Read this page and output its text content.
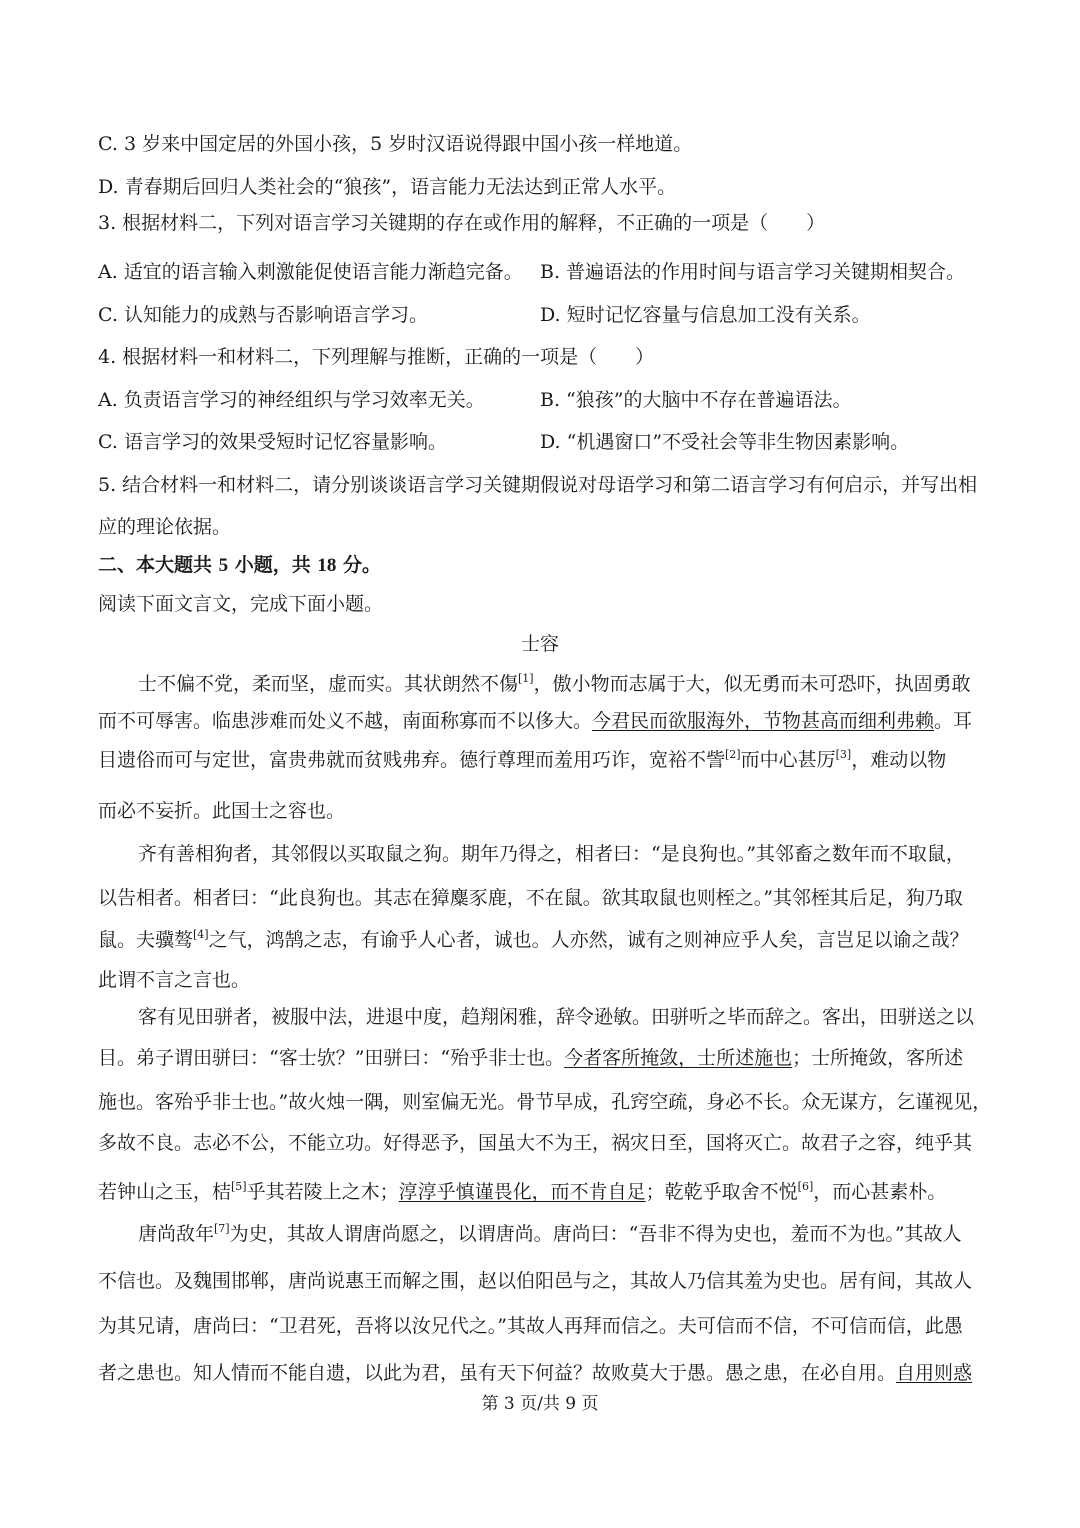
C. 3 岁来中国定居的外国小孩，5 岁时汉语说得跟中国小孩一样地道。
D. 青春期后回归人类社会的“狼孩”，语言能力无法达到正常人水平。
3. 根据材料二，下列对语言学习关键期的存在或作用的解释，不正确的一项是（　　）
A. 适宜的语言输入刺激能促使语言能力渐趋完备。 B. 普遍语法的作用时间与语言学习关键期相契合。
C. 认知能力的成熟与否影响语言学习。	D. 短时记忆容量与信息加工没有关系。
4. 根据材料一和材料二，下列理解与推断，正确的一项是（　　）
A. 负责语言学习的神经组织与学习效率无关。	B. “狼孩”的大脑中不存在普遍语法。
C. 语言学习的效果受短时记忆容量影响。	D. “机遇窗口”不受社会等非生物因素影响。
5. 结合材料一和材料二，请分别谈谈语言学习关键期假说对母语学习和第二语言学习有何启示，并写出相
应的理论依据。
二、本大题共 5 小题，共 18 分。
阅读下面文言文，完成下面小题。
士容
士不偏不党，柔而坚，虚而实。其状朗然不傷[1]，傲小物而志属于大，似无勇而未可恐吓，执固勇敢
而不可辱害。临患涉难而处义不越，南面称寡而不以侈大。今君民而欲服海外，节物甚高而细利弗赖。耳
目遗俗而可与定世，富贵弗就而贫贱弗弃。德行尊理而羞用巧诈，宽裕不訾[2]而中心甚厉[3]，难动以物
而必不妄折。此国士之容也。
齐有善相狗者，其邻假以买取鼠之狗。期年乃得之，相者曰：“是良狗也。”其邻畜之数年而不取鼠，
以告相者。相者曰：“此良狗也。其志在獐麋豕鹿，不在鼠。欲其取鼠也则桎之。”其邻桎其后足，狗乃取
鼠。夫骥骜[4]之气，鸿鹄之志，有谕乎人心者，诚也。人亦然，诚有之则神应乎人矣，言岂足以谕之哉？
此谓不言之言也。
客有见田骈者，被服中法，进退中度，趋翔闲雅，辞令逊敏。田骈听之毕而辞之。客出，田骈送之以
目。弟子谓田骈曰：“客士欤？”田骈曰：“殆乎非士也。今者客所掩敛，士所述施也；士所掩敛，客所述
施也。客殆乎非士也。”故火烛一隅，则室偏无光。骨节早成，孔窍空疏，身必不长。众无谋方，乞谨视见，
多故不良。志必不公，不能立功。好得恶予，国虽大不为王，祸灾日至，国将灭亡。故君子之容，纯乎其
若钟山之玉，桔[5]乎其若陵上之木；淳淳乎慎谨畏化，而不肯自足；乾乾乎取舍不悦[6]，而心甚素朴。
唐尚敌年[7]为史，其故人谓唐尚愿之，以谓唐尚。唐尚曰：“吾非不得为史也，羞而不为也。”其故人
不信也。及魏围邯郸，唐尚说惠王而解之围，赵以伯阳邑与之，其故人乃信其羞为史也。居有间，其故人
为其兄请，唐尚曰：“卫君死，吾将以汝兄代之。”其故人再拜而信之。夫可信而不信，不可信而信，此愚
者之患也。知人情而不能自遗，以此为君，虽有天下何益？故败莫大于愚。愚之患，在必自用。自用则惑
第 3 页/共 9 页
